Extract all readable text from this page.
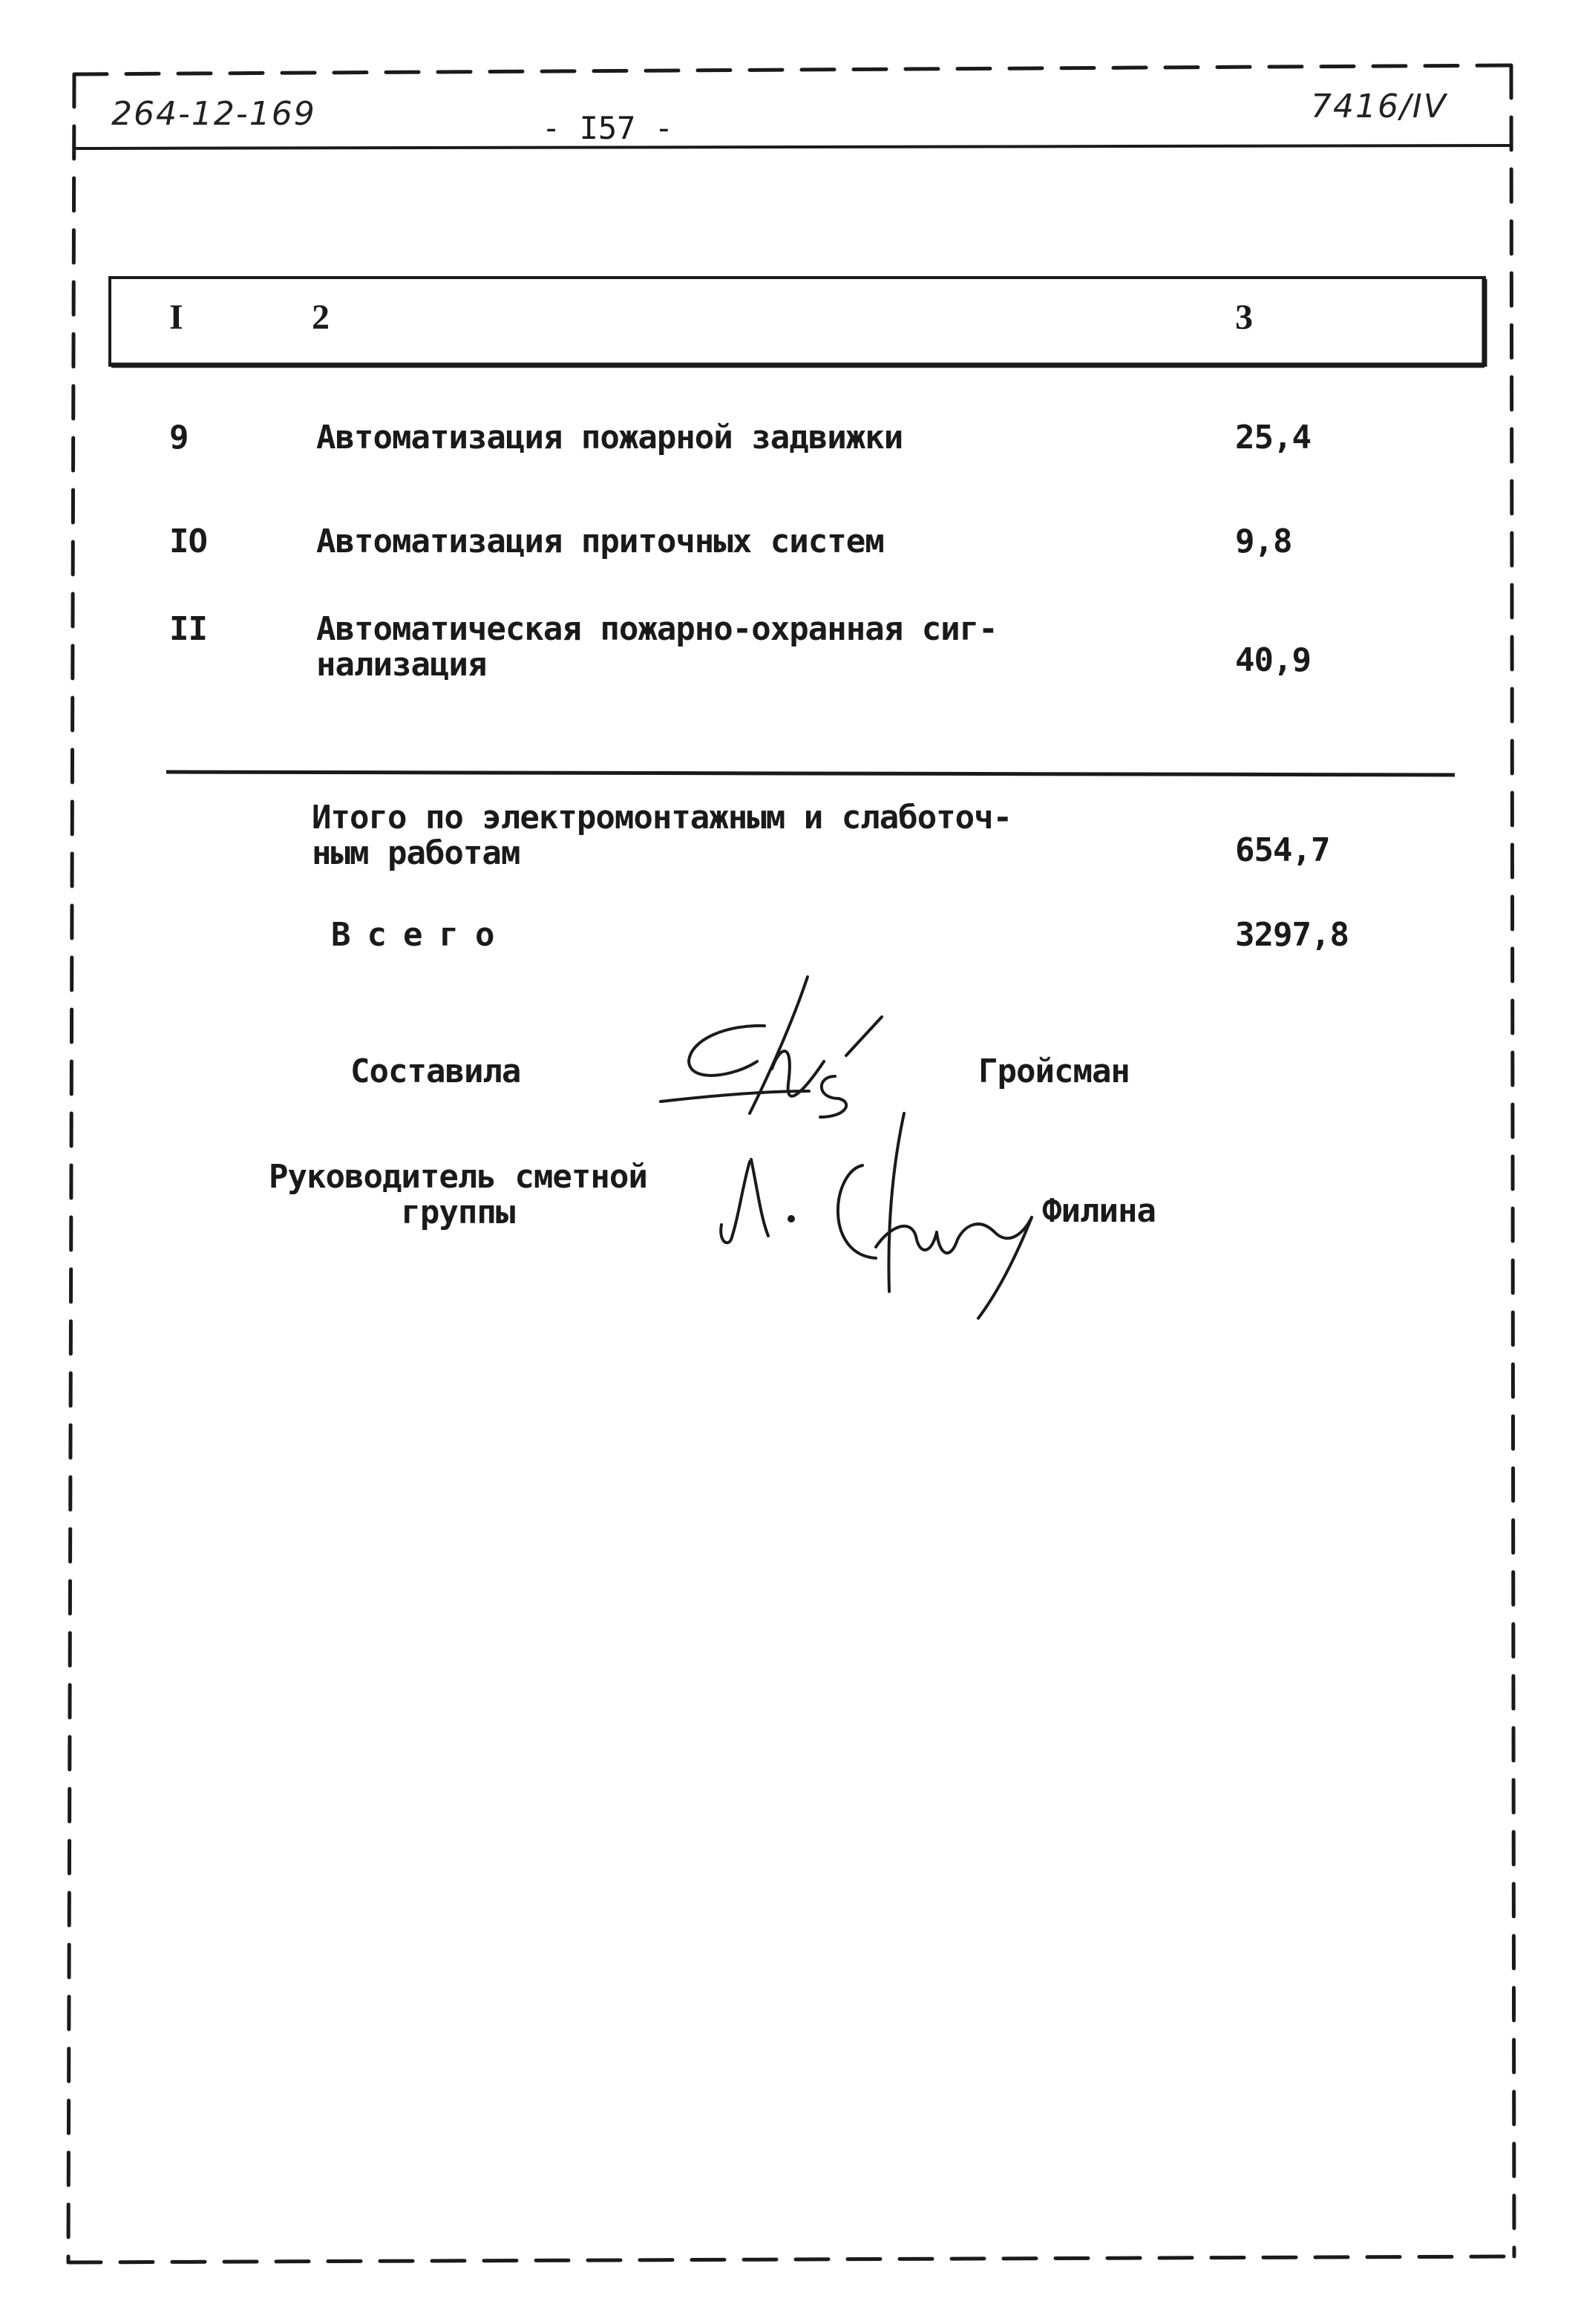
264-12-169	- I57 -
7416/IV
I	2	3
9	Автоматизация пожарной задвижки	25,4
IO	Автоматизация приточных систем	9,8
II	Автоматическая пожарно-охранная сиг-
нализация	40,9
Итого по электромонтажным и слаботоч-
ным работам	654,7
Всего	3297,8
Составила	Гройсман
Руководитель сметной
группы	Филина
